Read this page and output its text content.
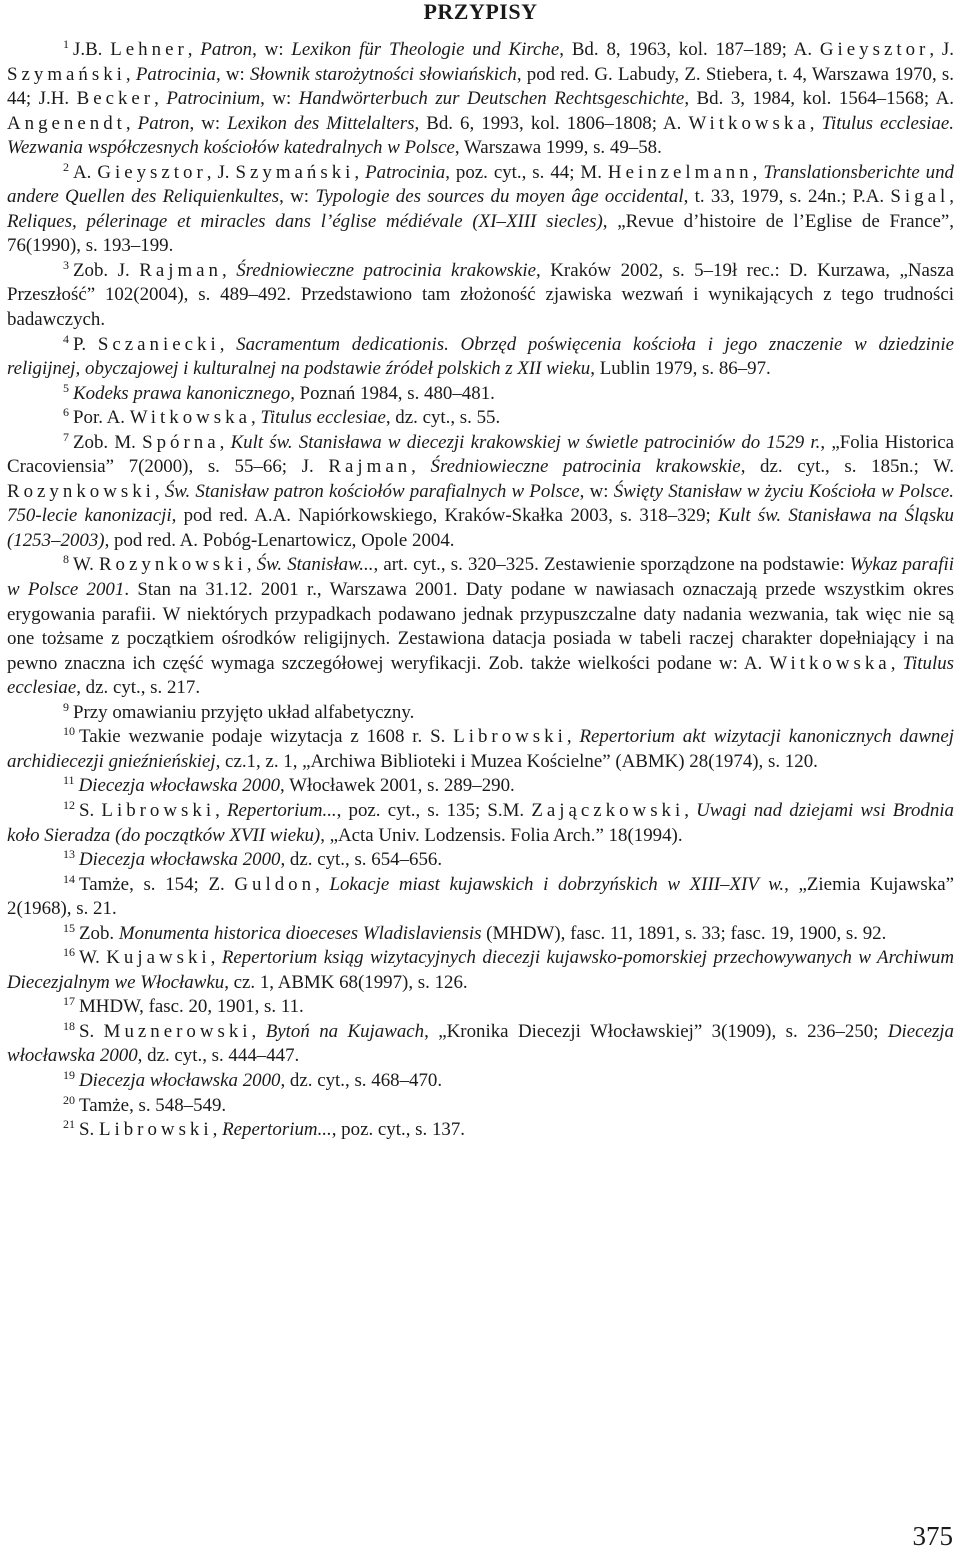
PRZYPISY

$^1$ J.B. Lehner, Patron, w: Lexikon für Theologie und Kirche, Bd. 8, 1963, kol. 187–189; A. Gieysztor, J. Szymański, Patrocinia, w: Słownik starożytności słowiańskich, pod red. G. Labudy, Z. Stiebera, t. 4, Warszawa 1970, s. 44; J.H. Becker, Patrocinium, w: Handwörterbuch zur Deutschen Rechtsgeschichte, Bd. 3, 1984, kol. 1564–1568; A. Angenendt, Patron, w: Lexikon des Mittelalters, Bd. 6, 1993, kol. 1806–1808; A. Witkowska, Titulus ecclesiae. Wezwania współczesnych kościołów katedralnych w Polsce, Warszawa 1999, s. 49–58.

$^2$ A. Gieysztor, J. Szymański, Patrocinia, poz. cyt., s. 44; M. Heinzelmann, Translationsberichte und andere Quellen des Reliquienkultes, w: Typologie des sources du moyen âge occidental, t. 33, 1979, s. 24n.; P.A. Sigal, Reliques, pélerinage et miracles dans l’église médiévale (XI–XIII siecles), „Revue d’histoire de l’Eglise de France”, 76(1990), s. 193–199.

$^3$ Zob. J. Rajman, Średniowieczne patrocinia krakowskie, Kraków 2002, s. 5–19ł rec.: D. Kurzawa, „Nasza Przeszłość” 102(2004), s. 489–492. Przedstawiono tam złożoność zjawiska wezwań i wynikających z tego trudności badawczych.

$^4$ P. Sczaniecki, Sacramentum dedicationis. Obrzęd poświęcenia kościoła i jego znaczenie w dziedzinie religijnej, obyczajowej i kulturalnej na podstawie źródeł polskich z XII wieku, Lublin 1979, s. 86–97.

$^5$ Kodeks prawa kanonicznego, Poznań 1984, s. 480–481.

$^6$ Por. A. Witkowska, Titulus ecclesiae, dz. cyt., s. 55.

$^7$ Zob. M. Spórna, Kult św. Stanisława w diecezji krakowskiej w świetle patrociniów do 1529 r., „Folia Historica Cracoviensia” 7(2000), s. 55–66; J. Rajman, Średniowieczne patrocinia krakowskie, dz. cyt., s. 185n.; W. Rozynkowski, Św. Stanisław patron kościołów parafialnych w Polsce, w: Święty Stanisław w życiu Kościoła w Polsce. 750-lecie kanonizacji, pod red. A.A. Napiórkowskiego, Kraków-Skałka 2003, s. 318–329; Kult św. Stanisława na Śląsku (1253–2003), pod red. A. Pobóg-Lenartowicz, Opole 2004.

$^8$ W. Rozynkowski, Św. Stanisław..., art. cyt., s. 320–325. Zestawienie sporządzone na podstawie: Wykaz parafii w Polsce 2001. Stan na 31.12. 2001 r., Warszawa 2001. Daty podane w nawiasach oznaczają przede wszystkim okres erygowania parafii. W niektórych przypadkach podawano jednak przypuszczalne daty nadania wezwania, tak więc nie są one tożsame z początkiem ośrodków religijnych. Zestawiona datacja posiada w tabeli raczej charakter dopełniający i na pewno znaczna ich część wymaga szczegółowej weryfikacji. Zob. także wielkości podane w: A. Witkowska, Titulus ecclesiae, dz. cyt., s. 217.

$^9$ Przy omawianiu przyjęto układ alfabetyczny.

$^{10}$ Takie wezwanie podaje wizytacja z 1608 r. S. Librowski, Repertorium akt wizytacji kanonicznych dawnej archidiecezji gnieźnieńskiej, cz.1, z. 1, „Archiwa Biblioteki i Muzea Kościelne” (ABMK) 28(1974), s. 120.

$^{11}$ Diecezja włocławska 2000, Włocławek 2001, s. 289–290.

$^{12}$ S. Librowski, Repertorium..., poz. cyt., s. 135; S.M. Zajączkowski, Uwagi nad dziejami wsi Brodnia koło Sieradza (do początków XVII wieku), „Acta Univ. Lodzensis. Folia Arch.” 18(1994).

$^{13}$ Diecezja włocławska 2000, dz. cyt., s. 654–656.

$^{14}$ Tamże, s. 154; Z. Guldon, Lokacje miast kujawskich i dobrzyńskich w XIII–XIV w., „Ziemia Kujawska” 2(1968), s. 21.

$^{15}$ Zob. Monumenta historica dioeceses Wladislaviensis (MHDW), fasc. 11, 1891, s. 33; fasc. 19, 1900, s. 92.

$^{16}$ W. Kujawski, Repertorium ksiąg wizytacyjnych diecezji kujawsko-pomorskiej przechowywanych w Archiwum Diecezjalnym we Włocławku, cz. 1, ABMK 68(1997), s. 126.

$^{17}$ MHDW, fasc. 20, 1901, s. 11.

$^{18}$ S. Muznerowski, Bytoń na Kujawach, „Kronika Diecezji Włocławskiej” 3(1909), s. 236–250; Diecezja włocławska 2000, dz. cyt., s. 444–447.

$^{19}$ Diecezja włocławska 2000, dz. cyt., s. 468–470.

$^{20}$ Tamże, s. 548–549.

$^{21}$ S. Librowski, Repertorium..., poz. cyt., s. 137.

375
